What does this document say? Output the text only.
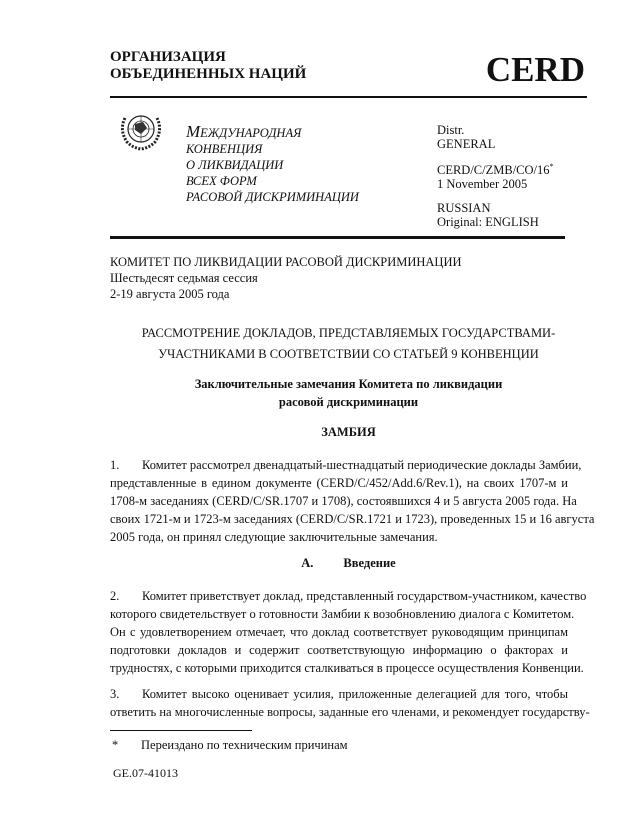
ОРГАНИЗАЦИЯ
ОБЪЕДИНЕННЫХ НАЦИЙ	CERD
МЕЖДУНАРОДНАЯ
КОНВЕНЦИЯ
О ЛИКВИДАЦИИ
ВСЕХ ФОРМ
РАСОВОЙ ДИСКРИМИНАЦИИ
Distr.
GENERAL
CERD/C/ZMB/CO/16*
1 November 2005
RUSSIAN
Original: ENGLISH
КОМИТЕТ ПО ЛИКВИДАЦИИ РАСОВОЙ ДИСКРИМИНАЦИИ
Шестьдесят седьмая сессия
2-19 августа 2005 года
РАССМОТРЕНИЕ ДОКЛАДОВ, ПРЕДСТАВЛЯЕМЫХ ГОСУДАРСТВАМИ-
УЧАСТНИКАМИ В СООТВЕТСТВИИ СО СТАТЬЕЙ 9 КОНВЕНЦИИ
Заключительные замечания Комитета по ликвидации
расовой дискриминации
ЗАМБИЯ
1. Комитет рассмотрел двенадцатый-шестнадцатый периодические доклады Замбии,
представленные в едином документе (CERD/C/452/Add.6/Rev.1), на своих 1707-м и
1708-м заседаниях (CERD/C/SR.1707 и 1708), состоявшихся 4 и 5 августа 2005 года. На
своих 1721-м и 1723-м заседаниях (CERD/C/SR.1721 и 1723), проведенных 15 и 16 августа
2005 года, он принял следующие заключительные замечания.
A. Введение
2. Комитет приветствует доклад, представленный государством-участником, качество
которого свидетельствует о готовности Замбии к возобновлению диалога с Комитетом.
Он с удовлетворением отмечает, что доклад соответствует руководящим принципам
подготовки докладов и содержит соответствующую информацию о факторах и
трудностях, с которыми приходится сталкиваться в процессе осуществления Конвенции.
3. Комитет высоко оценивает усилия, приложенные делегацией для того, чтобы
ответить на многочисленные вопросы, заданные его членами, и рекомендует государству-
* Переиздано по техническим причинам
GE.07-41013
